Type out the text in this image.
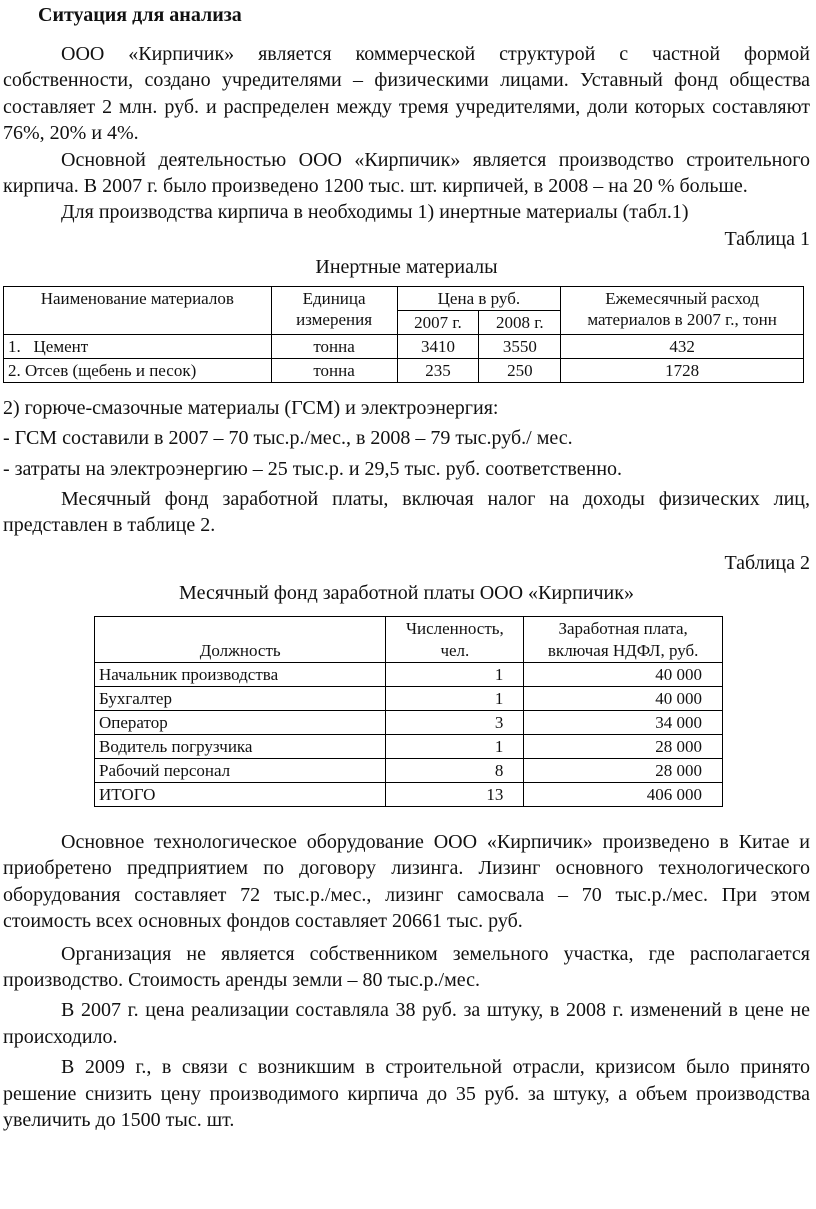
Ситуация для анализа

ООО «Кирпичик» является коммерческой структурой с частной формой собственности, создано учредителями – физическими лицами. Уставный фонд общества составляет 2 млн. руб. и распределен между тремя учредителями, доли которых составляют 76%, 20% и 4%.

Основной деятельностью ООО «Кирпичик» является производство строительного кирпича. В 2007 г. было произведено 1200 тыс. шт. кирпичей, в 2008 – на 20 % больше.

Для производства кирпича в необходимы 1) инертные материалы (табл.1)

Таблица 1
Инертные материалы
Наименование материалов	Единица измерения	Цена в руб.		Ежемесячный расход материалов в 2007 г., тонн
		2007 г.	2008 г.	
1.   Цемент	тонна	3410	3550	432
2. Отсев (щебень и песок)	тонна	235	250	1728

2) горюче-смазочные материалы (ГСМ) и электроэнергия:

- ГСМ составили в 2007 – 70 тыс.р./мес., в 2008 – 79 тыс.руб./ мес.

- затраты на электроэнергию – 25 тыс.р. и 29,5 тыс. руб. соответственно.

Месячный фонд заработной платы, включая налог на доходы физических лиц, представлен в таблице 2.

Таблица 2
Месячный фонд заработной платы ООО «Кирпичик»
Должность	Численность, чел.	Заработная плата, включая НДФЛ, руб.
Начальник производства	1	40 000
Бухгалтер	1	40 000
Оператор	3	34 000
Водитель погрузчика	1	28 000
Рабочий персонал	8	28 000
ИТОГО	13	406 000

Основное технологическое оборудование ООО «Кирпичик» произведено в Китае и приобретено предприятием по договору лизинга. Лизинг основного технологического оборудования составляет 72 тыс.р./мес., лизинг самосвала – 70 тыс.р./мес. При этом стоимость всех основных фондов составляет 20661 тыс. руб.

Организация не является собственником земельного участка, где располагается производство. Стоимость аренды земли – 80 тыс.р./мес.

В 2007 г. цена реализации составляла 38 руб. за штуку, в 2008 г. изменений в цене не происходило.

В 2009 г., в связи с возникшим в строительной отрасли, кризисом было принято решение снизить цену производимого кирпича до 35 руб. за штуку, а объем производства увеличить до 1500 тыс. шт.
